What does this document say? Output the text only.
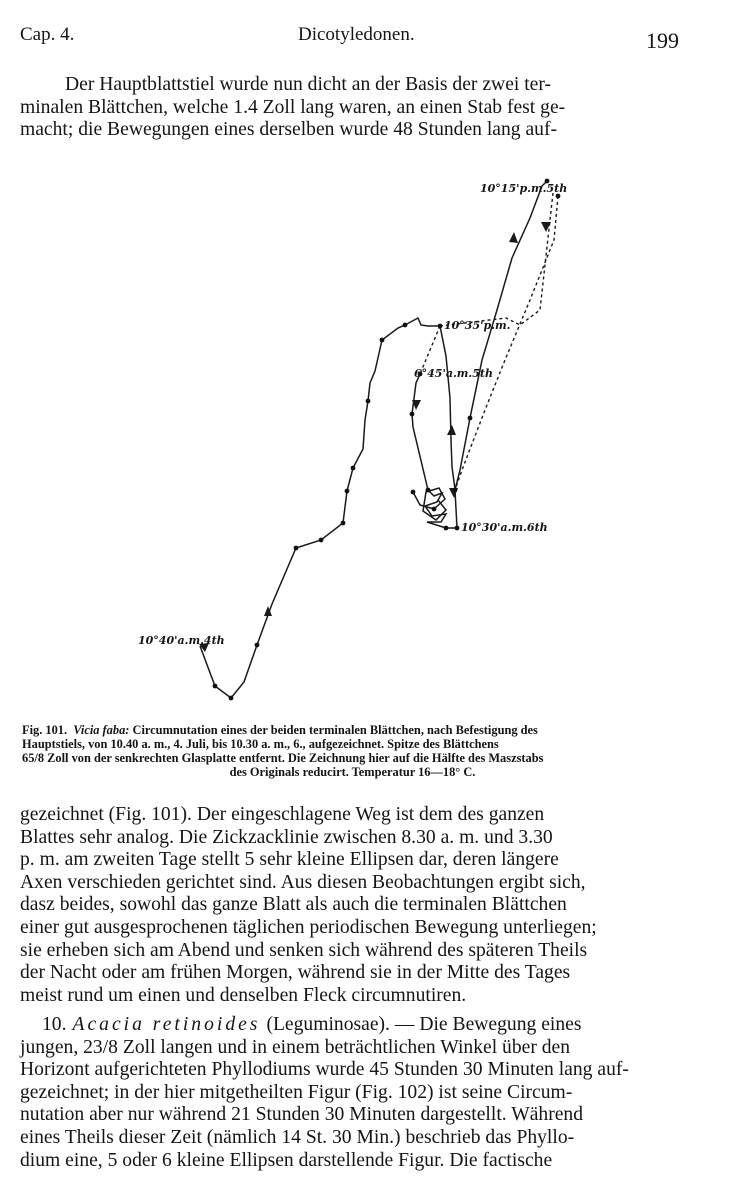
Cap. 4.	Dicotyledonen.	199
Der Hauptblattstiel wurde nun dicht an der Basis der zwei ter-
minalen Blättchen, welche 1.4 Zoll lang waren, an einen Stab fest ge-
macht; die Bewegungen eines derselben wurde 48 Stunden lang auf-
10°15'p.m.5th
10°35'p.m.
6°45'a.m.5th
10°30'a.m.6th
10°40'a.m.4th
Fig. 101.
Vicia faba:
Circumnutation eines der beiden terminalen Blättchen, nach Befestigung des
Hauptstiels, von 10.40 a. m., 4. Juli, bis 10.30 a. m., 6., aufgezeichnet. Spitze des Blättchens
65/8 Zoll von der senkrechten Glasplatte entfernt. Die Zeichnung hier auf die Hälfte des Maszstabs
des Originals reducirt. Temperatur 16—18° C.
gezeichnet (Fig. 101). Der eingeschlagene Weg ist dem des ganzen
Blattes sehr analog. Die Zickzacklinie zwischen 8.30 a. m. und 3.30
p. m. am zweiten Tage stellt 5 sehr kleine Ellipsen dar, deren längere
Axen verschieden gerichtet sind. Aus diesen Beobachtungen ergibt sich,
dasz beides, sowohl das ganze Blatt als auch die terminalen Blättchen
einer gut ausgesprochenen täglichen periodischen Bewegung unterliegen;
sie erheben sich am Abend und senken sich während des späteren Theils
der Nacht oder am frühen Morgen, während sie in der Mitte des Tages
meist rund um einen und denselben Fleck circumnutiren.
10. Acacia retinoides (Leguminosae). — Die Bewegung eines
jungen, 23/8 Zoll langen und in einem beträchtlichen Winkel über den
Horizont aufgerichteten Phyllodiums wurde 45 Stunden 30 Minuten lang auf-
gezeichnet; in der hier mitgetheilten Figur (Fig. 102) ist seine Circum-
nutation aber nur während 21 Stunden 30 Minuten dargestellt. Während
eines Theils dieser Zeit (nämlich 14 St. 30 Min.) beschrieb das Phyllo-
dium eine, 5 oder 6 kleine Ellipsen darstellende Figur. Die factische
